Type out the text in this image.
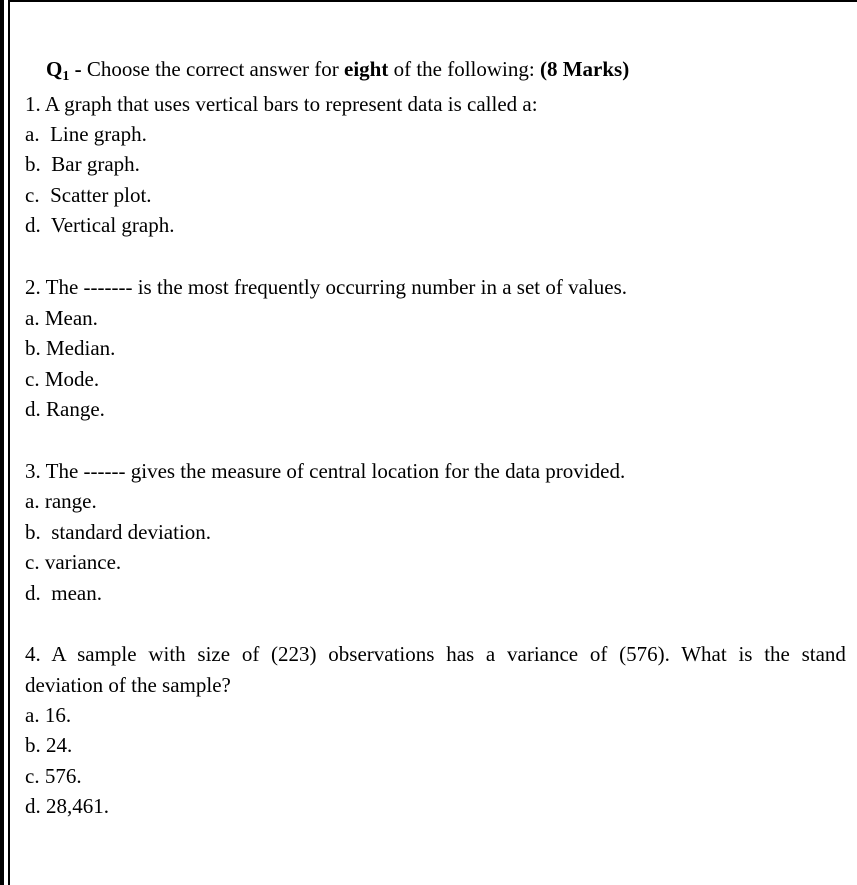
$Q_1$ - Choose the correct answer for eight of the following: (8 Marks)

1. A graph that uses vertical bars to represent data is called a:
a.  Line graph.
b.  Bar graph.
c.  Scatter plot.
d.  Vertical graph.
2. The ------- is the most frequently occurring number in a set of values.
a. Mean.
b. Median.
c. Mode.
d. Range.
3. The ------ gives the measure of central location for the data provided.
a. range.
b.  standard deviation.
c. variance.
d.  mean.
4. A sample with size of (223) observations has a variance of (576). What is the stand
deviation of the sample?
a. 16.
b. 24.
c. 576.
d. 28,461.
